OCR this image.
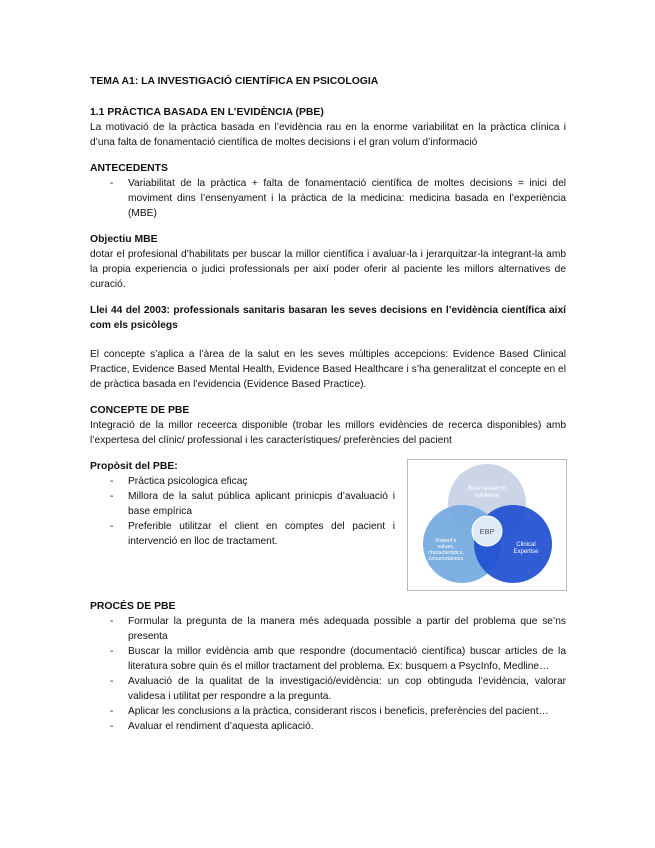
TEMA A1: LA INVESTIGACIÓ CIENTÍFICA EN PSICOLOGIA
1.1 PRÀCTICA BASADA EN L’EVIDÈNCIA (PBE)

La motivació de la pràctica basada en l’evidència rau en la enorme variabilitat en la pràctica clínica i d’una falta de fonamentació científica de moltes decisions i el gran volum d’informació

ANTECEDENTS
- Variabilitat de la pràctica + falta de fonamentació científica de moltes decisions = inici del moviment dins l’ensenyament i la pràctica de la medicina: medicina basada en l’experiència (MBE)
Objectiu MBE

dotar el profesional d’habilitats per buscar la millor científica i avaluar-la i jerarquitzar-la integrant-la amb la propia experiencia o judici professionals per així poder oferir al paciente les millors alternatives de curació.

Llei 44 del 2003: professionals sanitaris basaran les seves decisions en l’evidència científica així com els psicòlegs

El concepte s’aplica a l’àrea de la salut en les seves múltiples accepcions: Evidence Based Clinical Practice, Evidence Based Mental Health, Evidence Based Healthcare i s’ha generalitzat el concepte en el de pràctica basada en l’evidencia (Evidence Based Practice).

CONCEPTE DE PBE

Integració de la millor receerca disponible (trobar les millors evidències de recerca disponibles) amb l’expertesa del clínic/ professional i les característiques/ preferències del pacient

Propòsit del PBE:
- Pràctica psicologica eficaç
- Millora de la salut pública aplicant prinicpis d’avaluació i base empírica
- Preferible utilitzar el client en comptes del pacient i intervenció en lloc de tractament.
Best research
evidence
Patient’s
values,
characteristics,
circumstances
Clinical
Expertise
EBP
PROCÉS DE PBE
- Formular la pregunta de la manera més adequada possible a partir del problema que se’ns presenta
- Buscar la millor evidència amb que respondre (documentació científica) buscar articles de la literatura sobre quin és el millor tractament del problema. Ex: busquem a PsycInfo, Medline…
- Avaluació de la qualitat de la investigació/evidència: un cop obtinguda l’evidència, valorar validesa i utilitat per respondre a la pregunta.
- Aplicar les conclusions a la pràctica, considerant riscos i beneficis, preferències del pacient…
- Avaluar el rendiment d’aquesta aplicació.
